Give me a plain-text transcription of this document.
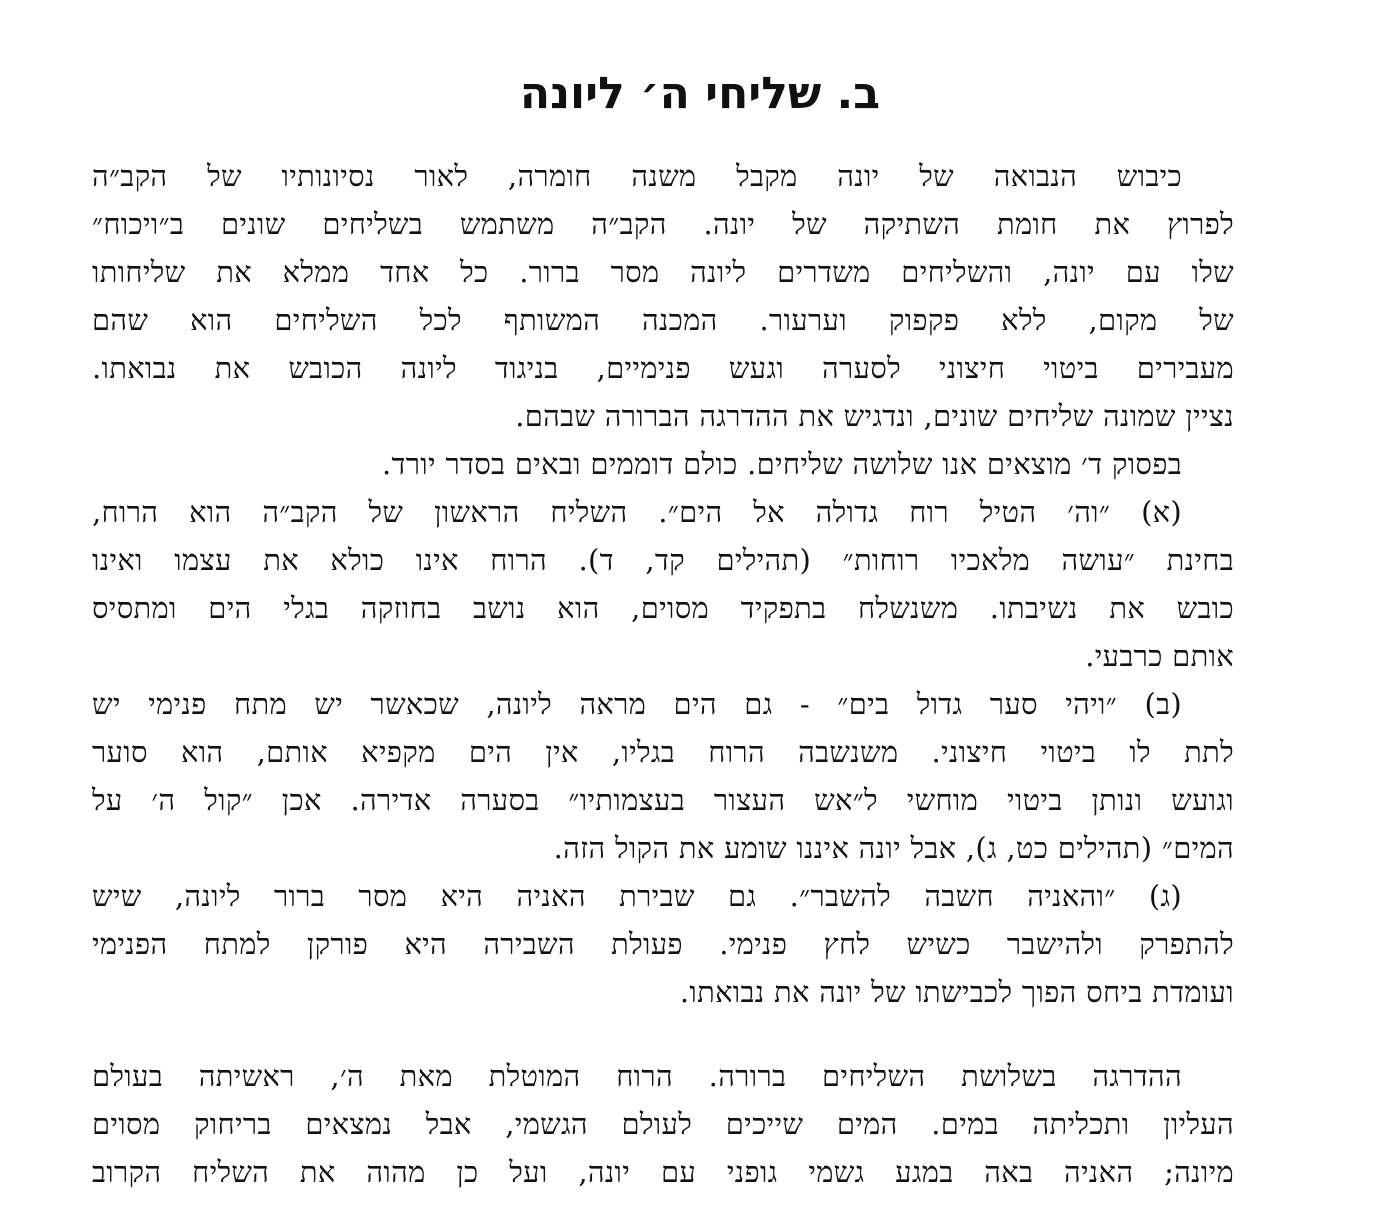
ב. שליחי ה׳ ליונה
כיבוש הנבואה של יונה מקבל משנה חומרה, לאור נסיונותיו של הקב״ה
לפרוץ את חומת השתיקה של יונה. הקב״ה משתמש בשליחים שונים ב״ויכוח״
שלו עם יונה, והשליחים משדרים ליונה מסר ברור. כל אחד ממלא את שליחותו
של מקום, ללא פקפוק וערעור. המכנה המשותף לכל השליחים הוא שהם
מעבירים ביטוי חיצוני לסערה וגעש פנימיים, בניגוד ליונה הכובש את נבואתו.
נציין שמונה שליחים שונים, ונדגיש את ההדרגה הברורה שבהם.
בפסוק ד׳ מוצאים אנו שלושה שליחים. כולם דוממים ובאים בסדר יורד.
(א) ״וה׳ הטיל רוח גדולה אל הים״. השליח הראשון של הקב״ה הוא הרוח,
בחינת ״עושה מלאכיו רוחות״ (תהילים קד, ד). הרוח אינו כולא את עצמו ואינו
כובש את נשיבתו. משנשלח בתפקיד מסוים, הוא נושב בחוזקה בגלי הים ומתסיס
אותם כרבעי.
(ב) ״ויהי סער גדול בים״ - גם הים מראה ליונה, שכאשר יש מתח פנימי יש
לתת לו ביטוי חיצוני. משנשבה הרוח בגליו, אין הים מקפיא אותם, הוא סוער
וגועש ונותן ביטוי מוחשי ל״אש העצור בעצמותיו״ בסערה אדירה. אכן ״קול ה׳ על
המים״ (תהילים כט, ג), אבל יונה איננו שומע את הקול הזה.
(ג) ״והאניה חשבה להשבר״. גם שבירת האניה היא מסר ברור ליונה, שיש
להתפרק ולהישבר כשיש לחץ פנימי. פעולת השבירה היא פורקן למתח הפנימי
ועומדת ביחס הפוך לכבישתו של יונה את נבואתו.
ההדרגה בשלושת השליחים ברורה. הרוח המוטלת מאת ה׳, ראשיתה בעולם
העליון ותכליתה במים. המים שייכים לעולם הגשמי, אבל נמצאים בריחוק מסוים
מיונה; האניה באה במגע גשמי גופני עם יונה, ועל כן מהוה את השליח הקרוב
